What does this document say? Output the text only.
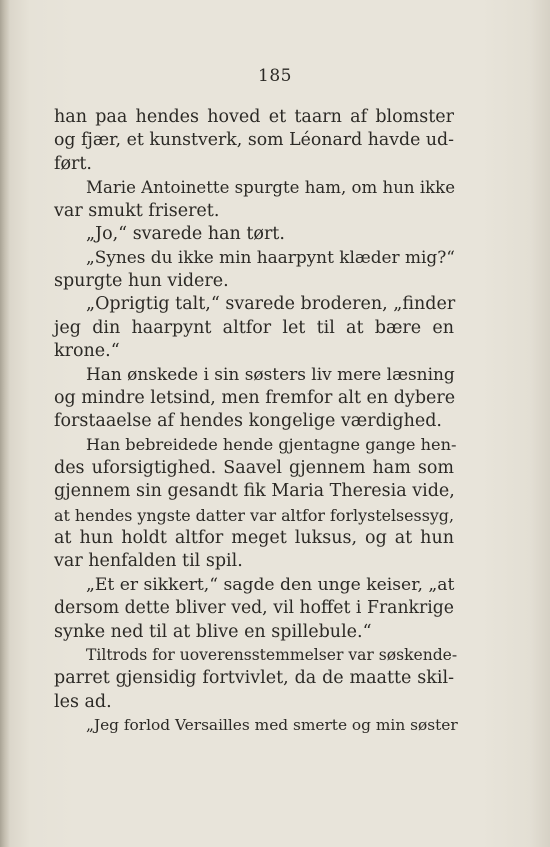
185
han paa hendes hoved et taarn af blomster
og fjær, et kunstverk, som Léonard havde ud-
ført.
Marie Antoinette spurgte ham, om hun ikke
var smukt friseret.
„Jo,“ svarede han tørt.
„Synes du ikke min haarpynt klæder mig?“
spurgte hun videre.
„Oprigtig talt,“ svarede broderen, „finder
jeg din haarpynt altfor let til at bære en
krone.“
Han ønskede i sin søsters liv mere læsning
og mindre letsind, men fremfor alt en dybere
forstaaelse af hendes kongelige værdighed.
Han bebreidede hende gjentagne gange hen-
des uforsigtighed. Saavel gjennem ham som
gjennem sin gesandt fik Maria Theresia vide,
at hendes yngste datter var altfor forlystelsessyg,
at hun holdt altfor meget luksus, og at hun
var henfalden til spil.
„Et er sikkert,“ sagde den unge keiser, „at
dersom dette bliver ved, vil hoffet i Frankrige
synke ned til at blive en spillebule.“
Tiltrods for uoverensstemmelser var søskende-
parret gjensidig fortvivlet, da de maatte skil-
les ad.
„Jeg forlod Versailles med smerte og min søster
